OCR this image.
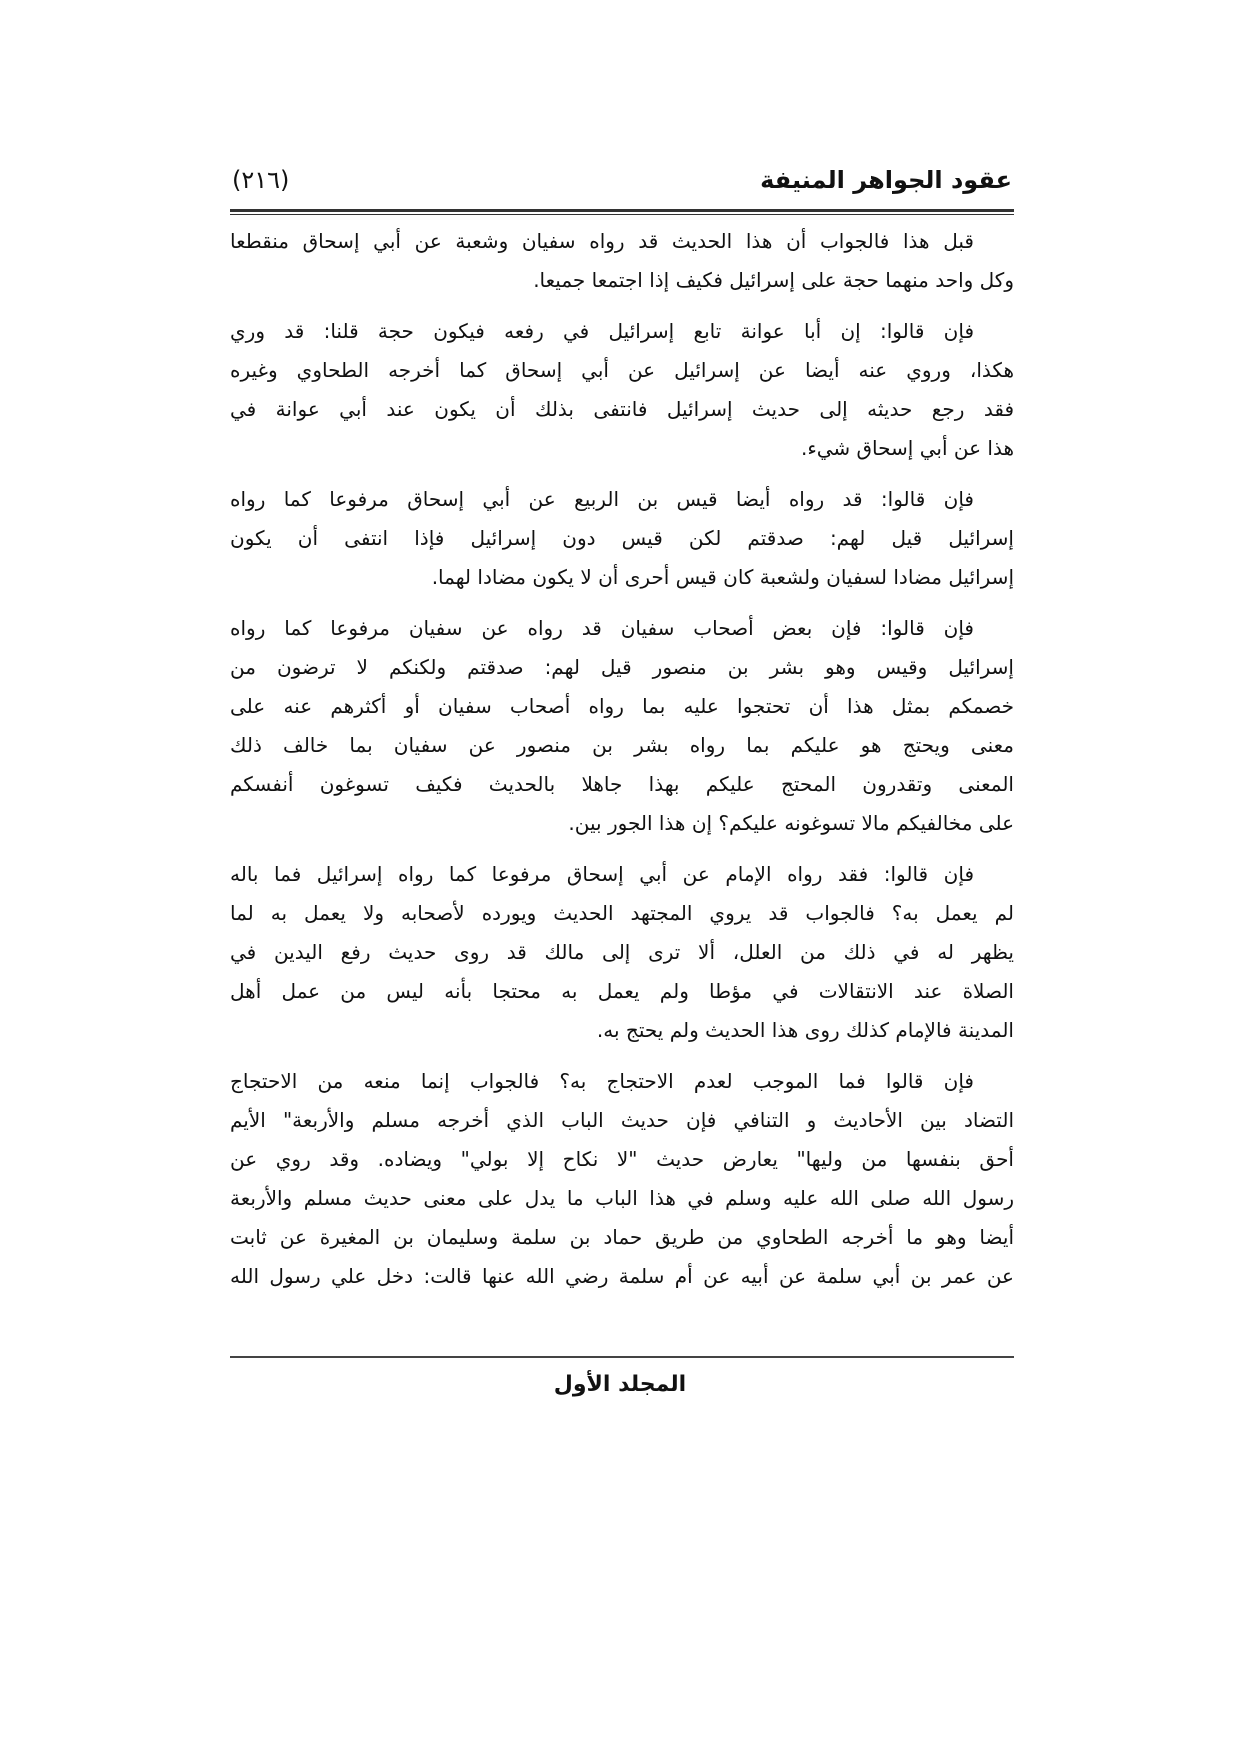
عقود الجواهر المنيفة
(٢١٦)
قبل هذا فالجواب أن هذا الحديث قد رواه سفيان وشعبة عن أبي إسحاق منقطعا
وكل واحد منهما حجة على إسرائيل فكيف إذا اجتمعا جميعا.
فإن قالوا: إن أبا عوانة تابع إسرائيل في رفعه فيكون حجة قلنا: قد وري
هكذا، وروي عنه أيضا عن إسرائيل عن أبي إسحاق كما أخرجه الطحاوي وغيره
فقد رجع حديثه إلى حديث إسرائيل فانتفى بذلك أن يكون عند أبي عوانة في
هذا عن أبي إسحاق شيء.
فإن قالوا: قد رواه أيضا قيس بن الربيع عن أبي إسحاق مرفوعا كما رواه
إسرائيل قيل لهم: صدقتم لكن قيس دون إسرائيل فإذا انتفى أن يكون
إسرائيل مضادا لسفيان ولشعبة كان قيس أحرى أن لا يكون مضادا لهما.
فإن قالوا: فإن بعض أصحاب سفيان قد رواه عن سفيان مرفوعا كما رواه
إسرائيل وقيس وهو بشر بن منصور قيل لهم: صدقتم ولكنكم لا ترضون من
خصمكم بمثل هذا أن تحتجوا عليه بما رواه أصحاب سفيان أو أكثرهم عنه على
معنى ويحتج هو عليكم بما رواه بشر بن منصور عن سفيان بما خالف ذلك
المعنى وتقدرون المحتج عليكم بهذا جاهلا بالحديث فكيف تسوغون أنفسكم
على مخالفيكم مالا تسوغونه عليكم؟ إن هذا الجور بين.
فإن قالوا: فقد رواه الإمام عن أبي إسحاق مرفوعا كما رواه إسرائيل فما باله
لم يعمل به؟ فالجواب قد يروي المجتهد الحديث ويورده لأصحابه ولا يعمل به لما
يظهر له في ذلك من العلل، ألا ترى إلى مالك قد روى حديث رفع اليدين في
الصلاة عند الانتقالات في مؤطا ولم يعمل به محتجا بأنه ليس من عمل أهل
المدينة فالإمام كذلك روى هذا الحديث ولم يحتج به.
فإن قالوا فما الموجب لعدم الاحتجاج به؟ فالجواب إنما منعه من الاحتجاج
التضاد بين الأحاديث و التنافي فإن حديث الباب الذي أخرجه مسلم والأربعة" الأيم
أحق بنفسها من وليها" يعارض حديث "لا نكاح إلا بولي" ويضاده. وقد روي عن
رسول الله صلى الله عليه وسلم في هذا الباب ما يدل على معنى حديث مسلم والأربعة
أيضا وهو ما أخرجه الطحاوي من طريق حماد بن سلمة وسليمان بن المغيرة عن ثابت
عن عمر بن أبي سلمة عن أبيه عن أم سلمة رضي الله عنها قالت: دخل علي رسول الله
المجلد الأول
